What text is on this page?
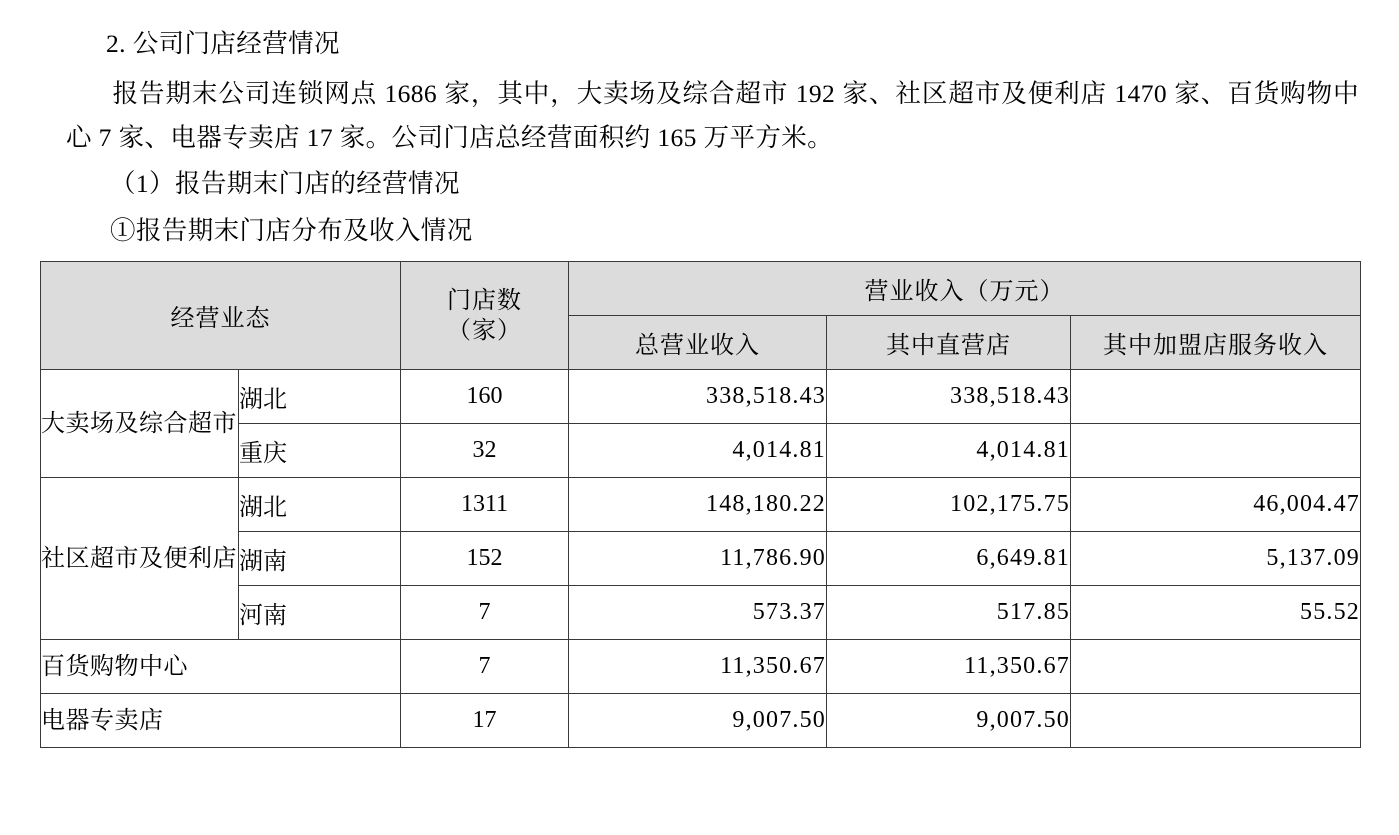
2. 公司门店经营情况

报告期末公司连锁网点 1686 家，其中，大卖场及综合超市 192 家、社区超市及便利店 1470 家、百货购物中心 7 家、电器专卖店 17 家。公司门店总经营面积约 165 万平方米。

（1）报告期末门店的经营情况

①报告期末门店分布及收入情况

经营业态		门店数
（家）	营业收入（万元）		
			总营业收入	其中直营店	其中加盟店服务收入
大卖场及综合超市	湖北	160	338,518.43	338,518.43	
	重庆	32	4,014.81	4,014.81	
社区超市及便利店	湖北	1311	148,180.22	102,175.75	46,004.47
	湖南	152	11,786.90	6,649.81	5,137.09
	河南	7	573.37	517.85	55.52
百货购物中心		7	11,350.67	11,350.67	
电器专卖店		17	9,007.50	9,007.50	
